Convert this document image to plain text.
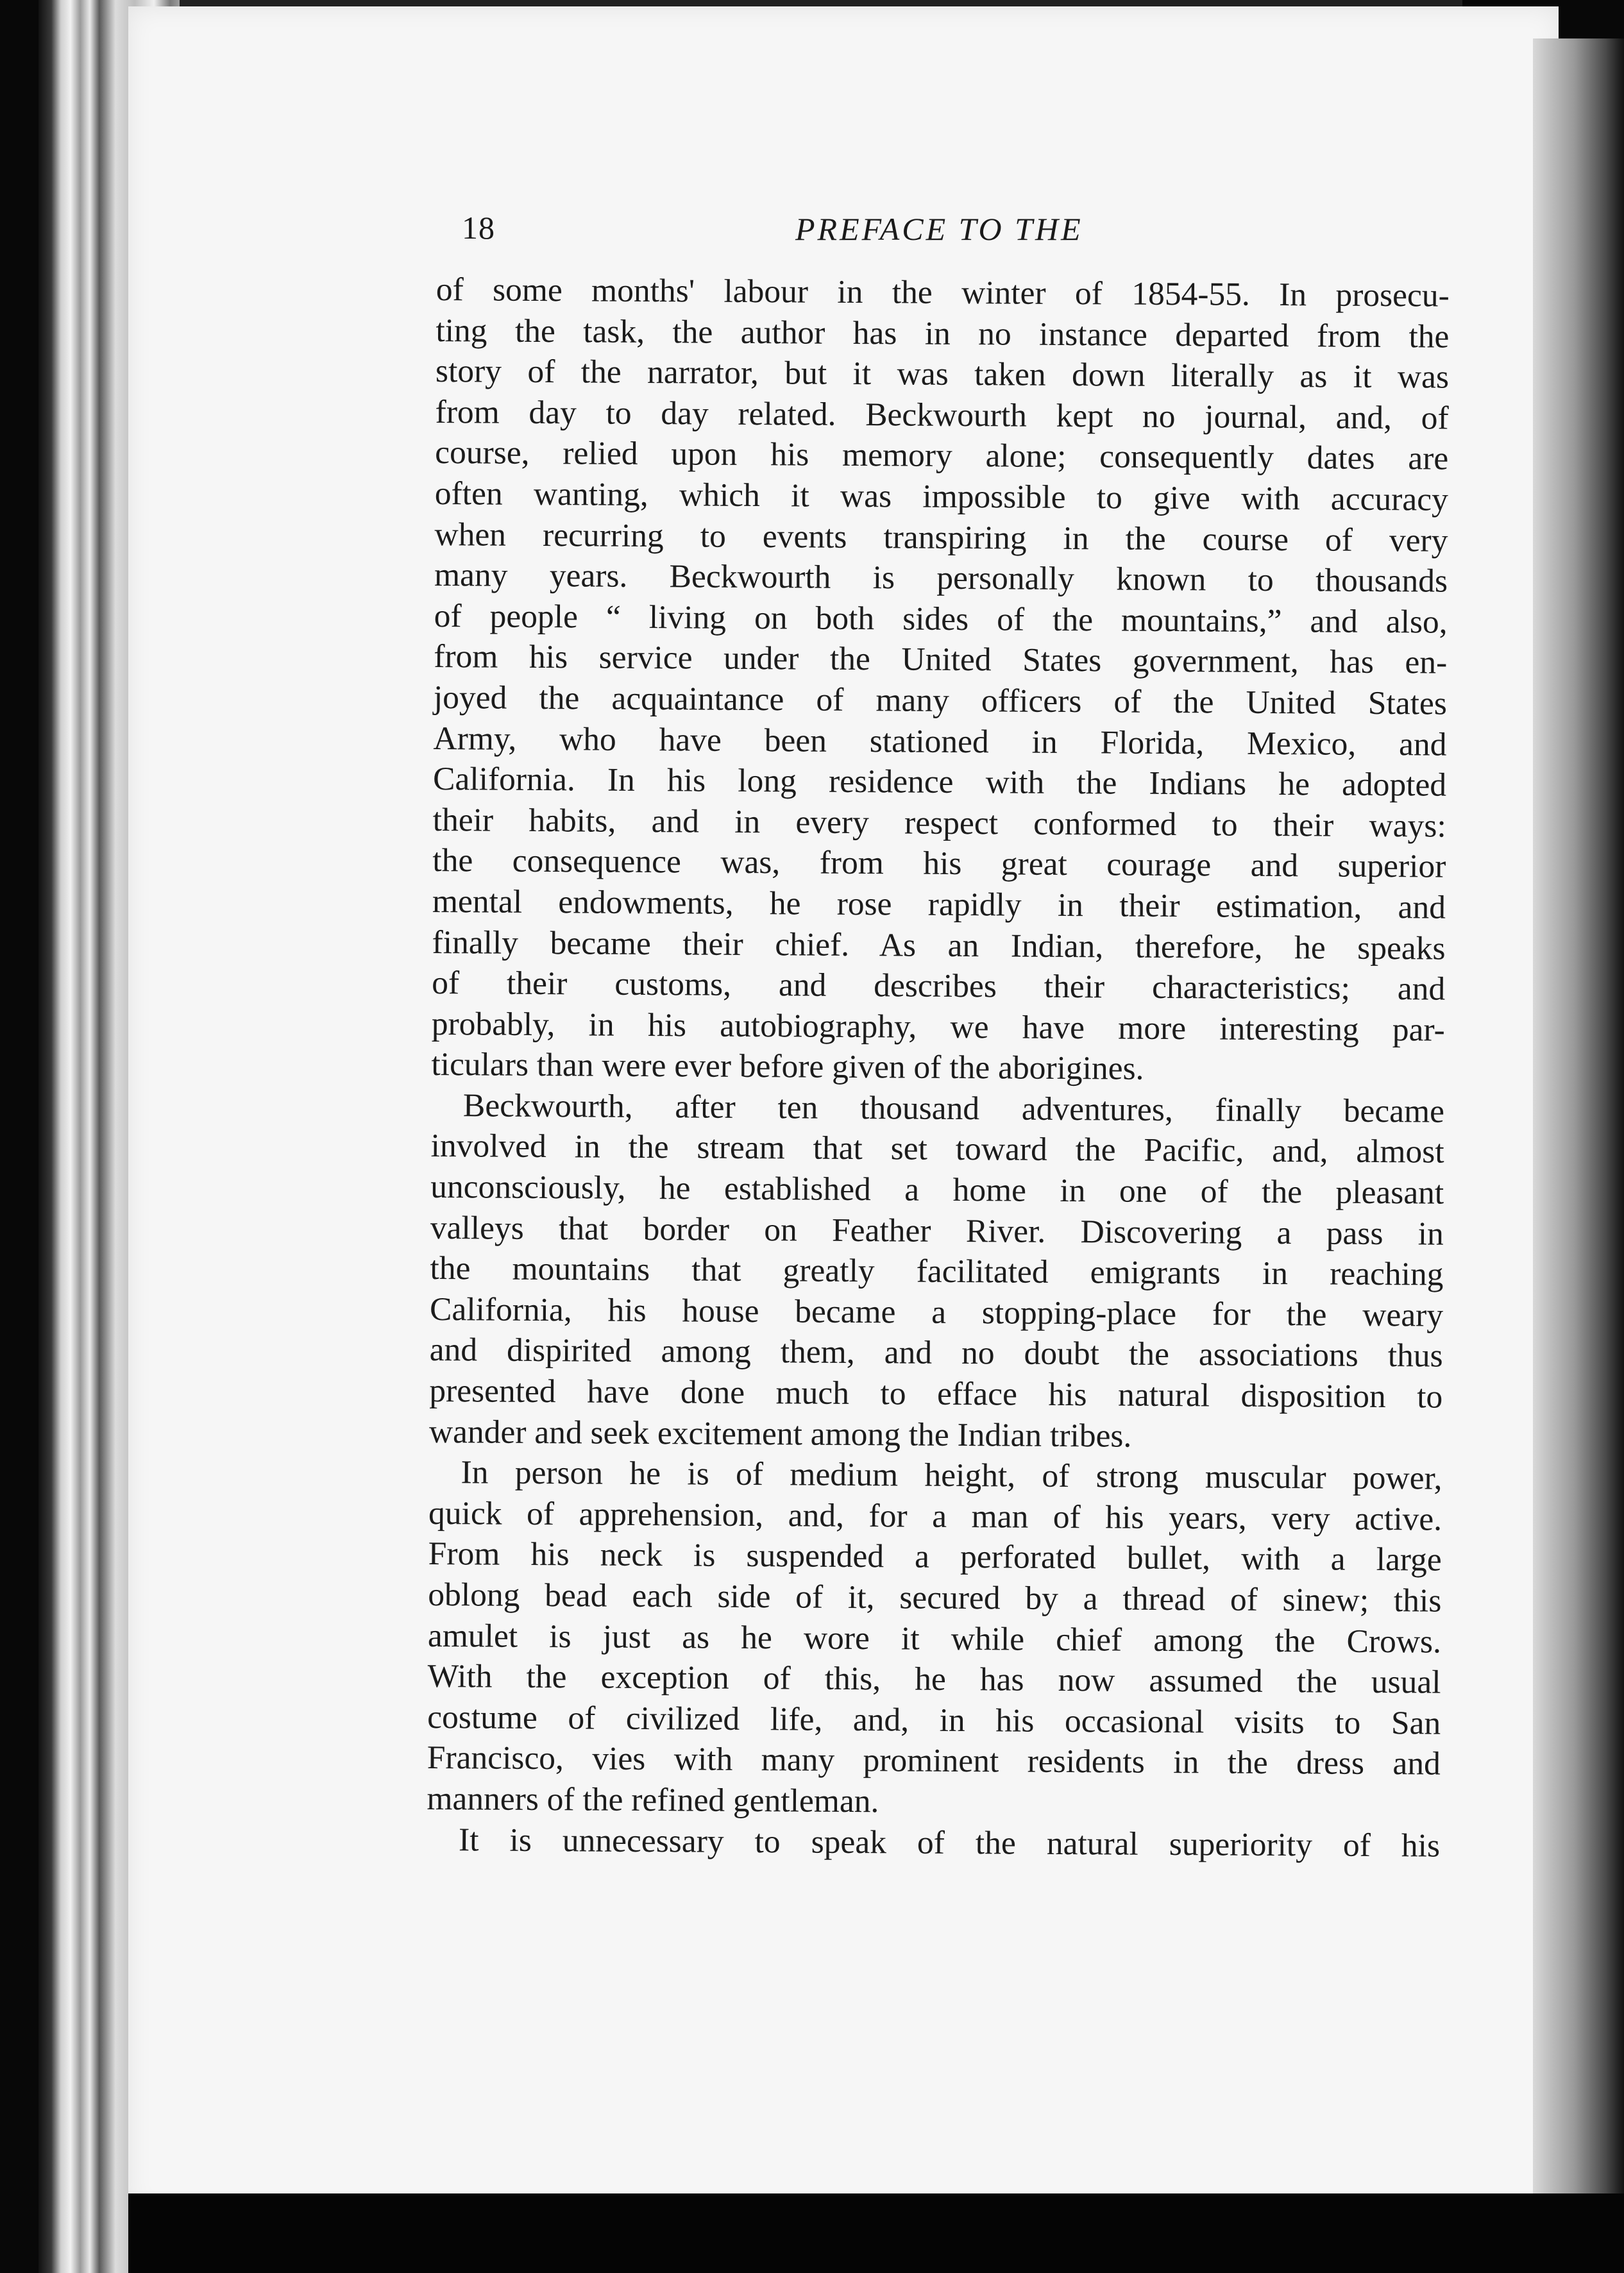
18	PREFACE TO THE
of some months' labour in the winter of 1854-55. In prosecu-
ting the task, the author has in no instance departed from the
story of the narrator, but it was taken down literally as it was
from day to day related. Beckwourth kept no journal, and, of
course, relied upon his memory alone; consequently dates are
often wanting, which it was impossible to give with accuracy
when recurring to events transpiring in the course of very
many years. Beckwourth is personally known to thousands
of people “ living on both sides of the mountains,” and also,
from his service under the United States government, has en-
joyed the acquaintance of many officers of the United States
Army, who have been stationed in Florida, Mexico, and
California. In his long residence with the Indians he adopted
their habits, and in every respect conformed to their ways:
the consequence was, from his great courage and superior
mental endowments, he rose rapidly in their estimation, and
finally became their chief. As an Indian, therefore, he speaks
of their customs, and describes their characteristics; and
probably, in his autobiography, we have more interesting par-
ticulars than were ever before given of the aborigines.
Beckwourth, after ten thousand adventures, finally became
involved in the stream that set toward the Pacific, and, almost
unconsciously, he established a home in one of the pleasant
valleys that border on Feather River. Discovering a pass in
the mountains that greatly facilitated emigrants in reaching
California, his house became a stopping-place for the weary
and dispirited among them, and no doubt the associations thus
presented have done much to efface his natural disposition to
wander and seek excitement among the Indian tribes.
In person he is of medium height, of strong muscular power,
quick of apprehension, and, for a man of his years, very active.
From his neck is suspended a perforated bullet, with a large
oblong bead each side of it, secured by a thread of sinew; this
amulet is just as he wore it while chief among the Crows.
With the exception of this, he has now assumed the usual
costume of civilized life, and, in his occasional visits to San
Francisco, vies with many prominent residents in the dress and
manners of the refined gentleman.
It is unnecessary to speak of the natural superiority of his
